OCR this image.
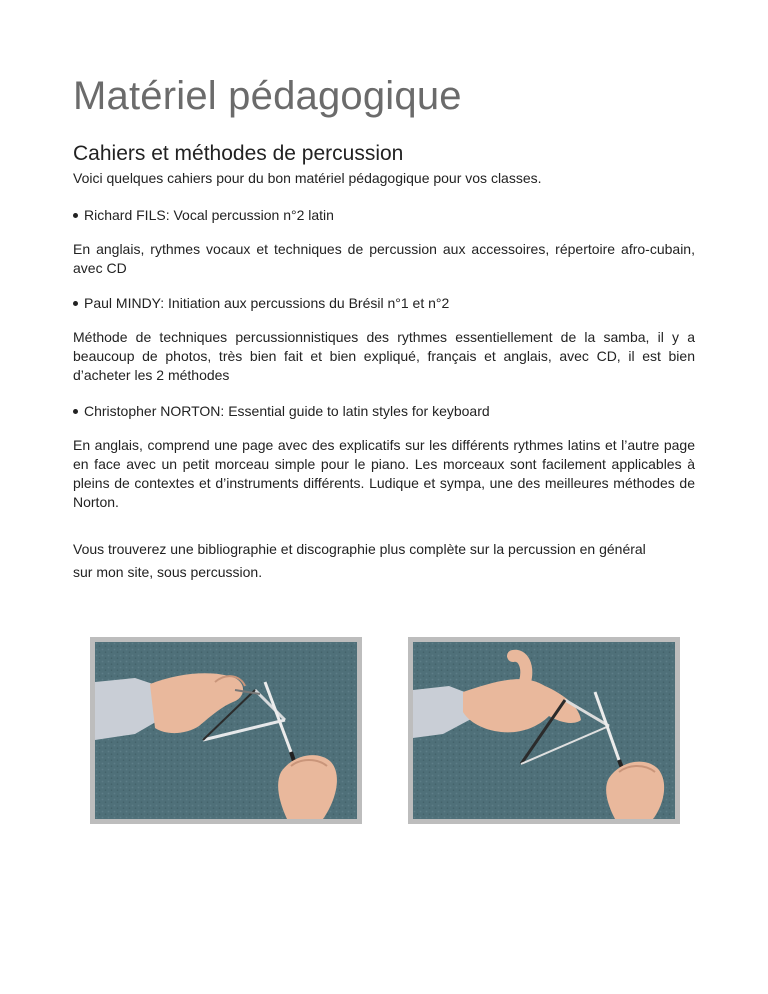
Matériel pédagogique
Cahiers et méthodes de percussion

Voici quelques cahiers pour du bon matériel pédagogique pour vos classes.

Richard FILS: Vocal percussion n°2 latin

En anglais, rythmes vocaux et techniques de percussion aux accessoires, répertoire afro-cubain, avec CD

Paul MINDY: Initiation aux percussions du Brésil n°1 et n°2

Méthode de techniques percussionnistiques des rythmes essentiellement de la samba, il y a beaucoup de photos, très bien fait et bien expliqué, français et anglais, avec CD, il est bien d’acheter les 2 méthodes

Christopher NORTON: Essential guide to latin styles for keyboard

En anglais, comprend une page avec des explicatifs sur les différents rythmes latins et l’autre page en face avec un petit morceau simple pour le piano. Les morceaux sont facilement applicables à pleins de contextes et d’instruments différents. Ludique et sympa, une des meilleures méthodes de Norton.

Vous trouverez une bibliographie et discographie plus complète sur la percussion en général

sur mon site, sous percussion.
